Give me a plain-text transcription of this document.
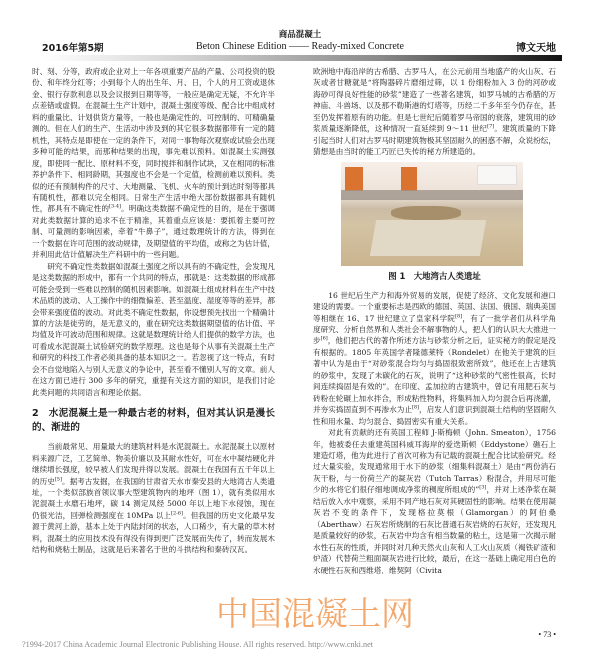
2016年第5期
商品混凝土
Beton Chinese Edition —— Ready-mixed Concrete	博文天地

时、刻、分等，政府或企业对上一年各项重要产品的产量、公司投资的股份、和年终分红等；小到每个人的出生年、月、日，个人的月工资或退休金、银行存款利息以及会议报到日期等等，一般应是确定无疑，不允许半点差错或虚假。在混凝土生产计划中，混凝土强度等级、配合比中组成材料的重量比、计划供货方量等，一般也是确定性的、可控制的、可精确量测的。但在人们的生产、生活动中涉及到的其它很多数据都带有一定的随机性，其特点是即使在一定的条件下，对同一事物每次观察或试验会出现多种可能的结果，而那种结果的出现，事先难以预料。如混凝土实测强度，即使同一配比、原材料不变，同时搅拌和制作试块，又在相同的标准养护条件下、相同龄期，其强度也不会是一个定值，检测前难以预料。类似的还有预制构件的尺寸、大地测量、飞机、火车的预计到达时刻等都具有随机性，都难以完全相同。日常生产生活中绝大部份数据都具有随机性，都具有不确定性的[3-4]。明确这类数据不确定性的目的，是在于强调对此类数据计算的追求不在于精准，其着重点应该是：要抓着主要可控制、可量测的影响因素，牵着“牛鼻子”，通过数理统计的方法，得到在一个数据在许可范围的波动规律，及期望值的平均值，或称之为估计值，并利用此估计值解决生产科研中的一些问题。

研究不确定性类数据如混凝土强度之所以具有的不确定性，会发现凡是这类数据的形成中，都有一个共同的特点，那就是：这类数据的形成都可能会受到一些难以控制的随机因素影响。如混凝土组成材料在生产中技术品质的波动、人工操作中的细微偏差、甚至温度、湿度等等的差异，都会带来强度值的波动。对此类不确定性数据，你设想预先找出一个精确计算的方法是徒劳的，是无意义的，重在研究这类数据期望值的估计值、平均值及许可波动范围和规律。这就是数理统计给人们提供的数学方法，也可看成水泥混凝土试验研究的数学原理。这也是每个从事有关混凝土生产和研究的科技工作者必须具备的基本知识之一。若忽视了这一特点，有时会不自觉地陷入与别人无意义的争论中，甚至看不懂别人写的文章。前人在这方面已进行 300 多年的研究，重提有关这方面的知识，是我们讨论此类问题的共同语言和理论依据。

2　水泥混凝土是一种最古老的材料，但对其认识是漫长的、渐进的

当前最常见、用量最大的建筑材料是水泥混凝土。水泥混凝土以原材料来源广泛，工艺简单、物美价廉以及其耐水性好，可在水中凝结硬化并继续增长强度，较早被人们发现并得以发展。混凝土在我国有五千年以上的历史[5]。据考古发掘，在我国的甘肃省天水市秦安县的大地湾古人类遗址，一个类似部族首领议事大型建筑物内的地坪（图 1），就有类似用水泥混凝土水磨石地坪，碳 14 测定凤经 5000 年以上地下水侵蚀，现在仍很光洁，回弹检测强度在 10MPa 以上[2-6]。但我国的历史文化最早发源于黄河上游，基本上处于内陆封闭的状态，人口稀少，有大量的草木材料，混凝土的应用技术没有得没有得到更广泛发展而失传了，转而发展木结构和烧粘土制品，这就是后来著名于世的斗拱结构和秦砖汉瓦。

欧洲地中海沿岸的古希腊、古罗马人，在公元前用当地盛产的火山灰、石灰或者甘糖就是“将陶器碎片磨细过筛，以 1 份细粉加入 3 份的河砂或海砂可得良好性能的砂浆”建造了一些著名建筑，如罗马城的古希腊的万神庙、斗兽场、以及那不勒斯港的灯塔等，历经二千多年至今仍存在，甚至仍发挥着原有的功能。但是七世纪后随着罗马帝国的衰落，建筑用的砂浆质量逐渐降低，这种情况一直延续到 9～11 世纪[7]。建筑质量的下降引起当时人们对古罗马时期建筑物极其坚固耐久的困惑不解，众说纷纭，猜想是由当时的能工巧匠已失传的秘方所建造的。

图 1　大地湾古人类遗址

16 世纪后生产力和海外贸易的发展，促使了经济、文化发展和港口建设的需要。一个重要标志是西欧的德国、英国、法国、俄国、瑞典美国等相继在 16、17 世纪建立了皇家科学院[8]，有了一批学者们从科学角度研究、分析自然界和人类社会不解事物的人，把人们的认识大大推进一步[6]，他们把古代的著作所述方法与砂浆分析之后，证实秘方的假定是没有根据的。1805 年英国学者隆德莱特（Rondelet）在他关于建筑的巨著中认为是由于“对砂浆混合均匀与捣固很致密所致”，他还在上古建筑的砂浆中，发现了未碳化的石灰，说明了“这种砂浆的气密性很高，长时间连续捣固是有效的”。在印度、孟加拉的古建筑中，曾记有用肥石灰与砖粉在轮碾上加水拌合，形成粘性物料，将集料加入均匀混合后再浇灌，并夯实捣固直到不再渗水为止[8]，启发人们意识到混凝土结构的坚固耐久性和用水量、均匀混合、捣固密实有重大关系。

对此有贡献的还有英国工程师 J·斯梅顿（John. Smeaton），1756 年，他被委任去重建英国科威耳海岸的爱迭斯顿（Eddystone）礁石上建造灯塔，他为此进行了首次可称为有记载的混凝土配合比试验研究。经过大量实验，发现通常用于水下的砂浆（细集料混凝土）是由“两份消石灰干粉，与一份荷兰产的凝灰岩（Tutch Tarras）粉混合，并用尽可能少的水将它们很仔细地调成净浆的稠度所组成的”[3]，并对上述净浆在凝结后放入水中观察，采用不同产地石灰对其硬固性的影响。结果在使用凝灰岩不变的条件下，发现格拉莫根（Glamorgan）的阿伯桑（Aberthaw）石灰岩所烧制的石灰比普通石灰岩烧的石灰好，还发现凡是质量较好的砂浆，石灰岩中均含有相当数量的粘土，这是第一次揭示耐水性石灰的性质，并同时对几种天然火山灰和人工火山灰质（褐铁矿渣和炉渣）代替荷兰粗面凝灰岩进行比较，最后，在这一基础上确定用白色的水硬性石灰和西维塔．维契阿（Civita

中国混凝土网
• 73 •
?1994-2017 China Academic Journal Electronic Publishing House. All rights reserved. http://www.cnki.net
